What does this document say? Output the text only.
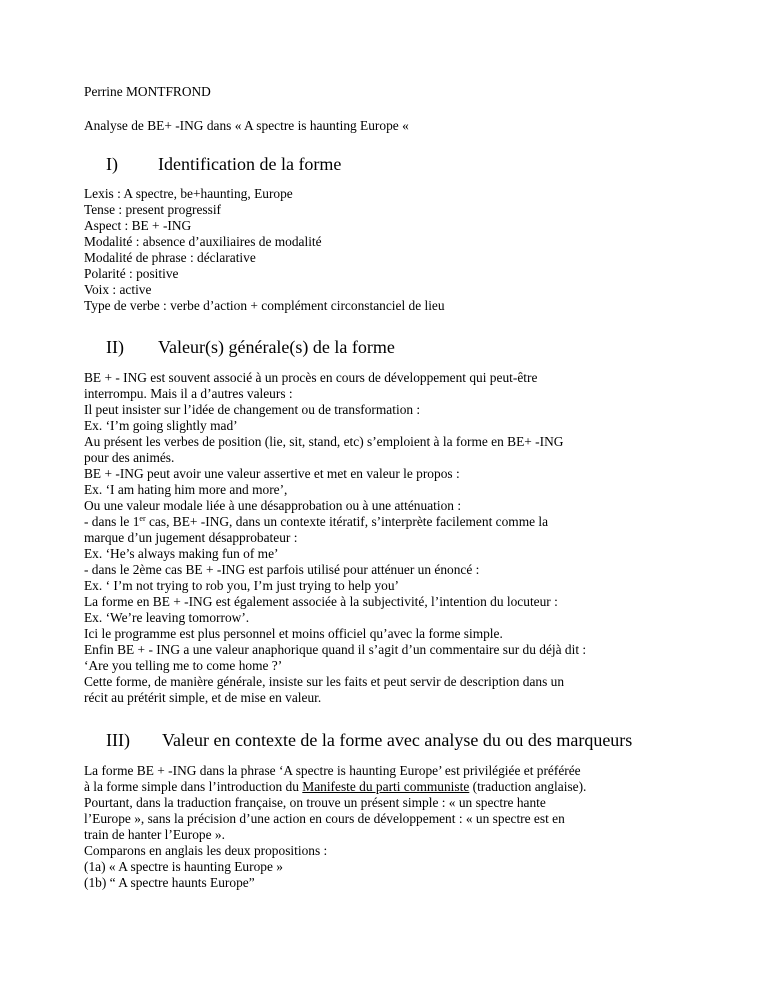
Perrine MONTFROND
Analyse de BE+ -ING dans « A spectre is haunting Europe «
I) Identification de la forme
Lexis : A spectre, be+haunting, Europe
Tense : present progressif
Aspect : BE + -ING
Modalité : absence d’auxiliaires de modalité
Modalité de phrase : déclarative
Polarité : positive
Voix : active
Type de verbe : verbe d’action + complément circonstanciel de lieu
II) Valeur(s) générale(s) de la forme
BE + - ING est souvent associé à un procès en cours de développement qui peut-être
interrompu. Mais il a d’autres valeurs :
Il peut insister sur l’idée de changement ou de transformation :
Ex. ‘I’m going slightly mad’
Au présent les verbes de position (lie, sit, stand, etc) s’emploient à la forme en BE+ -ING
pour des animés.
BE + -ING peut avoir une valeur assertive et met en valeur le propos :
Ex. ‘I am hating him more and more’,
Ou une valeur modale liée à une désapprobation ou à une atténuation :
- dans le 1er cas, BE+ -ING, dans un contexte itératif, s’interprète facilement comme la
marque d’un jugement désapprobateur :
Ex. ‘He’s always making fun of me’
- dans le 2ème cas BE + -ING est parfois utilisé pour atténuer un énoncé :
Ex. ‘ I’m not trying to rob you, I’m just trying to help you’
La forme en BE + -ING est également associée à la subjectivité, l’intention du locuteur :
Ex. ‘We’re leaving tomorrow’.
Ici le programme est plus personnel et moins officiel qu’avec la forme simple.
Enfin BE + - ING a une valeur anaphorique quand il s’agit d’un commentaire sur du déjà dit :
‘Are you telling me to come home ?’
Cette forme, de manière générale, insiste sur les faits et peut servir de description dans un
récit au prétérit simple, et de mise en valeur.
III) Valeur en contexte de la forme avec analyse du ou des marqueurs
La forme BE + -ING dans la phrase ‘A spectre is haunting Europe’ est privilégiée et préférée
à la forme simple dans l’introduction du Manifeste du parti communiste (traduction anglaise).
Pourtant, dans la traduction française, on trouve un présent simple : « un spectre hante
l’Europe », sans la précision d’une action en cours de développement : « un spectre est en
train de hanter l’Europe ».
Comparons en anglais les deux propositions :
(1a) « A spectre is haunting Europe »
(1b) “ A spectre haunts Europe”
